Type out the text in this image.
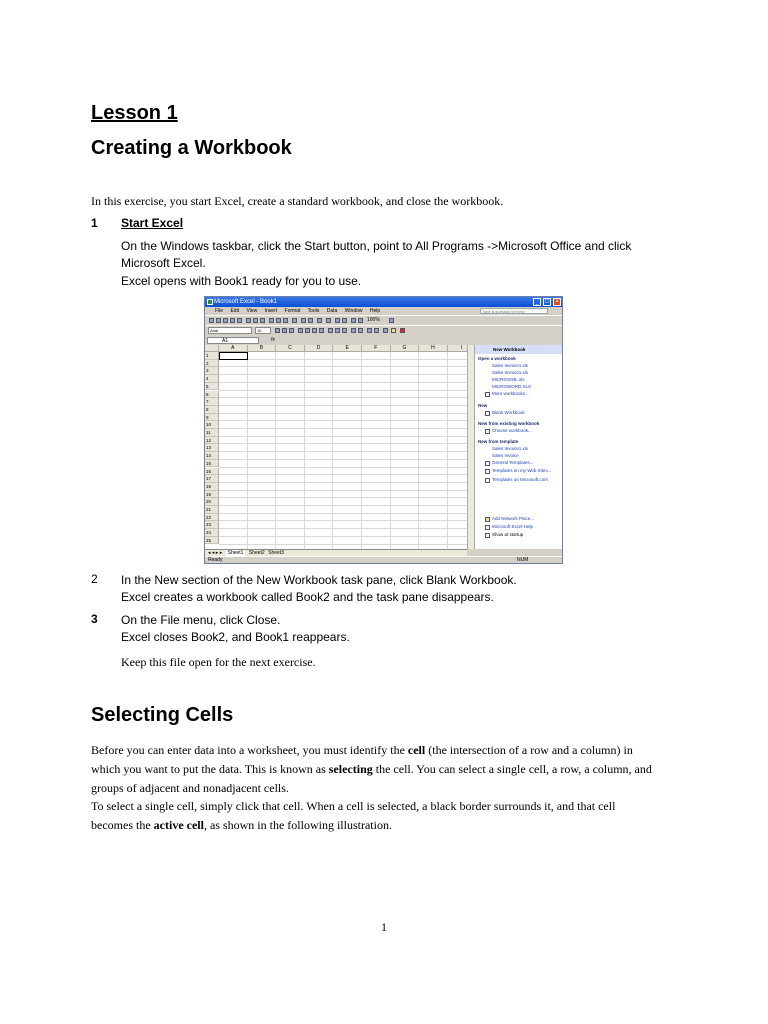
Lesson 1
Creating a Workbook
In this exercise, you start Excel, create a standard workbook, and close the workbook.
1 Start Excel
On the Windows taskbar, click the Start button, point to All Programs ->Microsoft Office and click
Microsoft Excel.
Excel opens with Book1 ready for you to use.
Microsoft Excel - Book1	_	□	×
File Edit View Insert Format Tools Data Window Help	Type a question for help
100%
Arial	10
A1	fx
A	B	C	D	E	F	G	H	I
1
2
3
4
5
6
7
8
9
10
11
12
13
14
15
16
17
18
19
20
21
22
23
24
25
New Workbook
Open a workbook
Sales Invoice1.xls
Sales Invoice1.xls
MICROSOB..xls
MICROWORD.XLS
More workbooks...
New
Blank Workbook
New from existing workbook
Choose workbook...
New from template
Sales Invoice1.xls
Sales Invoice
General Templates...
Templates on my Web Sites...
Templates on Microsoft.com
Add Network Place...
Microsoft Excel Help
Show at startup
◂ ◂ ▸ ▸ Sheet1 Sheet2 Sheet3
Ready	NUM
2 In the New section of the New Workbook task pane, click Blank Workbook.
Excel creates a workbook called Book2 and the task pane disappears.
3 On the File menu, click Close.
Excel closes Book2, and Book1 reappears.
Keep this file open for the next exercise.
Selecting Cells
Before you can enter data into a worksheet, you must identify the cell (the intersection of a row and a column) in which you want to put the data. This is known as selecting the cell. You can select a single cell, a row, a column, and groups of adjacent and nonadjacent cells.
To select a single cell, simply click that cell. When a cell is selected, a black border surrounds it, and that cell becomes the active cell, as shown in the following illustration.
1
